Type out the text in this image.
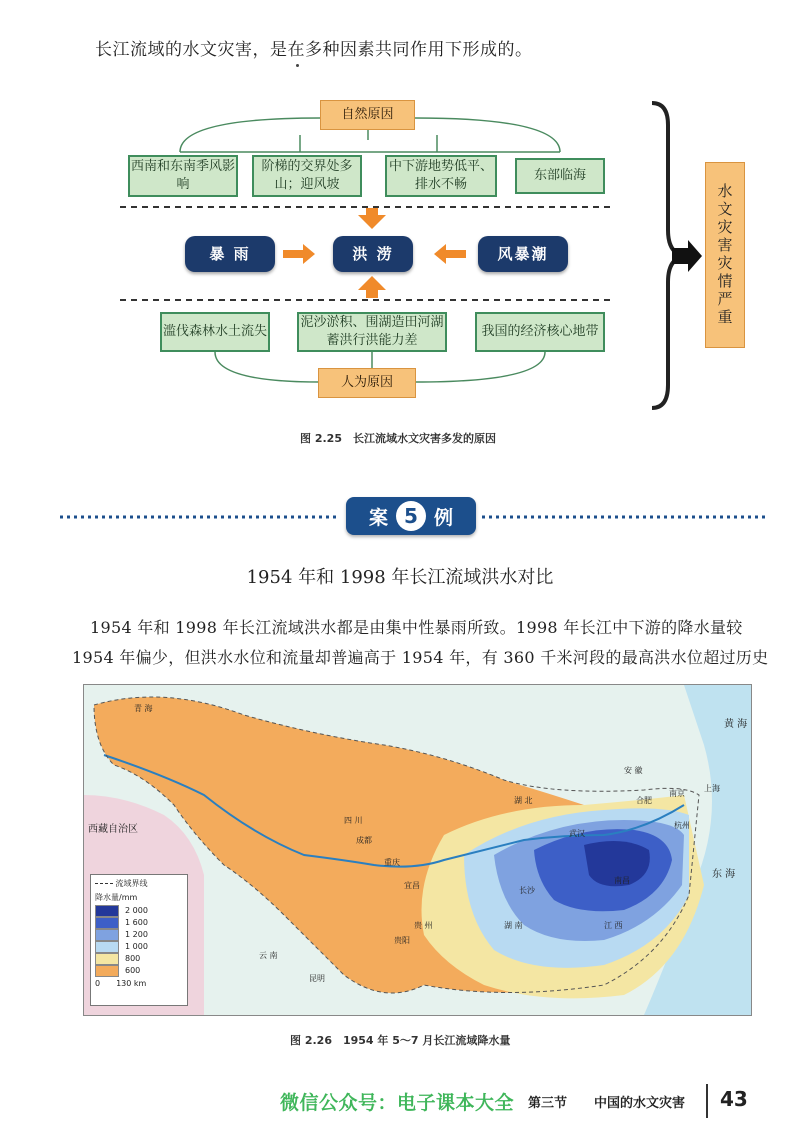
长江流域的水文灾害，是在多种因素共同作用下形成的。
自然原因
西南和东南季风影响
阶梯的交界处多山；迎风坡
中下游地势低平、排水不畅
东部临海
暴 雨	洪 涝	风暴潮
滥伐森林水土流失
泥沙淤积、围湖造田河湖蓄洪行洪能力差
我国的经济核心地带
人为原因
水文灾害灾情严重
图 2.25　长江流域水文灾害多发的原因
案 5 例
1954 年和 1998 年长江流域洪水对比
1954 年和 1998 年长江流域洪水都是由集中性暴雨所致。1998 年长江中下游的降水量较
1954 年偏少，但洪水水位和流量却普遍高于 1954 年，有 360 千米河段的最高洪水位超过历史
青 海
西藏自治区
四 川
成都
重庆
宜昌
云 南
昆明
贵 州
贵阳
湖 北
武汉
湖 南
长沙
江 西
南昌
安 徽
合肥
南京
上海
杭州
东 海
黄 海
流域界线
降水量/mm
2 000
1 600
1 200
1 000
800
600
0　　130 km
图 2.26　1954 年 5～7 月长江流域降水量
微信公众号：电子课本大全 第三节 中国的水文灾害 43
